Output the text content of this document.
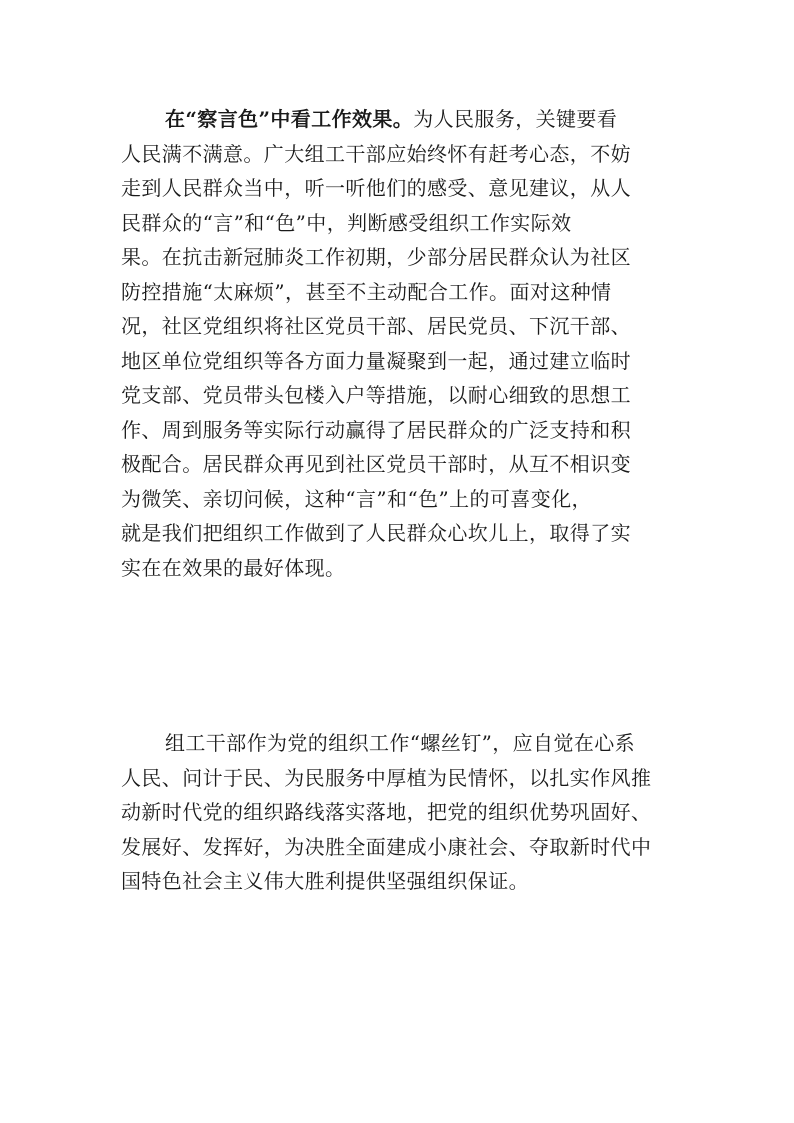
在“察言色”中看工作效果。为人民服务，关键要看
人民满不满意。广大组工干部应始终怀有赶考心态，不妨
走到人民群众当中，听一听他们的感受、意见建议，从人
民群众的“言”和“色”中，判断感受组织工作实际效
果。在抗击新冠肺炎工作初期，少部分居民群众认为社区
防控措施“太麻烦”，甚至不主动配合工作。面对这种情
况，社区党组织将社区党员干部、居民党员、下沉干部、
地区单位党组织等各方面力量凝聚到一起，通过建立临时
党支部、党员带头包楼入户等措施，以耐心细致的思想工
作、周到服务等实际行动赢得了居民群众的广泛支持和积
极配合。居民群众再见到社区党员干部时，从互不相识变
为微笑、亲切问候，这种“言”和“色”上的可喜变化，
就是我们把组织工作做到了人民群众心坎儿上，取得了实
实在在效果的最好体现。
组工干部作为党的组织工作“螺丝钉”，应自觉在心系
人民、问计于民、为民服务中厚植为民情怀，以扎实作风推
动新时代党的组织路线落实落地，把党的组织优势巩固好、
发展好、发挥好，为决胜全面建成小康社会、夺取新时代中
国特色社会主义伟大胜利提供坚强组织保证。
